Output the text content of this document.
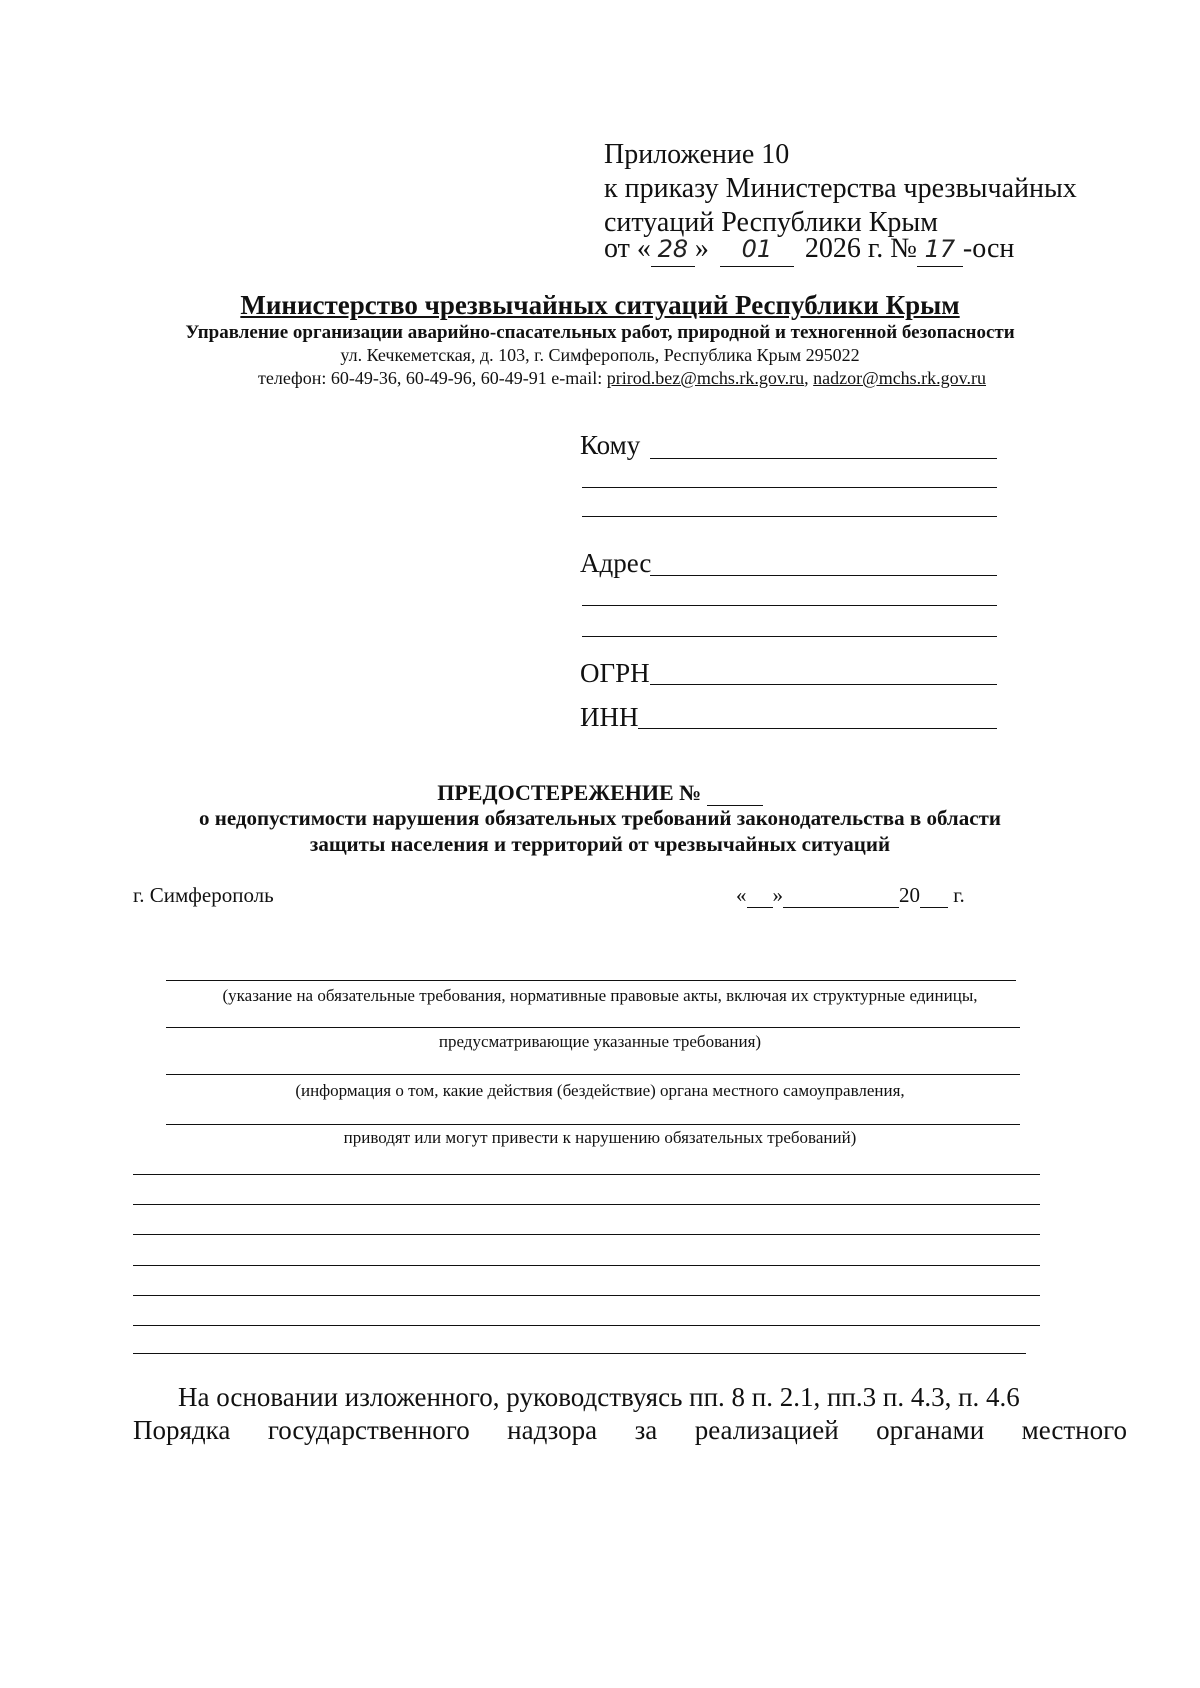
Приложение 10
к приказу Министерства чрезвычайных
ситуаций Республики Крым
от « 28 » 01 2026 г. № 17 -осн
Министерство чрезвычайных ситуаций Республики Крым
Управление организации аварийно-спасательных работ, природной и техногенной безопасности
ул. Кечкеметская, д. 103, г. Симферополь, Республика Крым 295022
телефон: 60-49-36, 60-49-96, 60-49-91 e-mail: prirod.bez@mchs.rk.gov.ru, nadzor@mchs.rk.gov.ru
Кому
Адрес
ОГРН
ИНН
ПРЕДОСТЕРЕЖЕНИЕ №
о недопустимости нарушения обязательных требований законодательства в области
защиты населения и территорий от чрезвычайных ситуаций
г. Симферополь	« »	20 г.
(указание на обязательные требования, нормативные правовые акты, включая их структурные единицы,
предусматривающие указанные требования)
(информация о том, какие действия (бездействие) органа местного самоуправления,
приводят или могут привести к нарушению обязательных требований)
На основании изложенного, руководствуясь пп. 8 п. 2.1, пп.3 п. 4.3, п. 4.6
Порядка государственного надзора за реализацией органами местного
